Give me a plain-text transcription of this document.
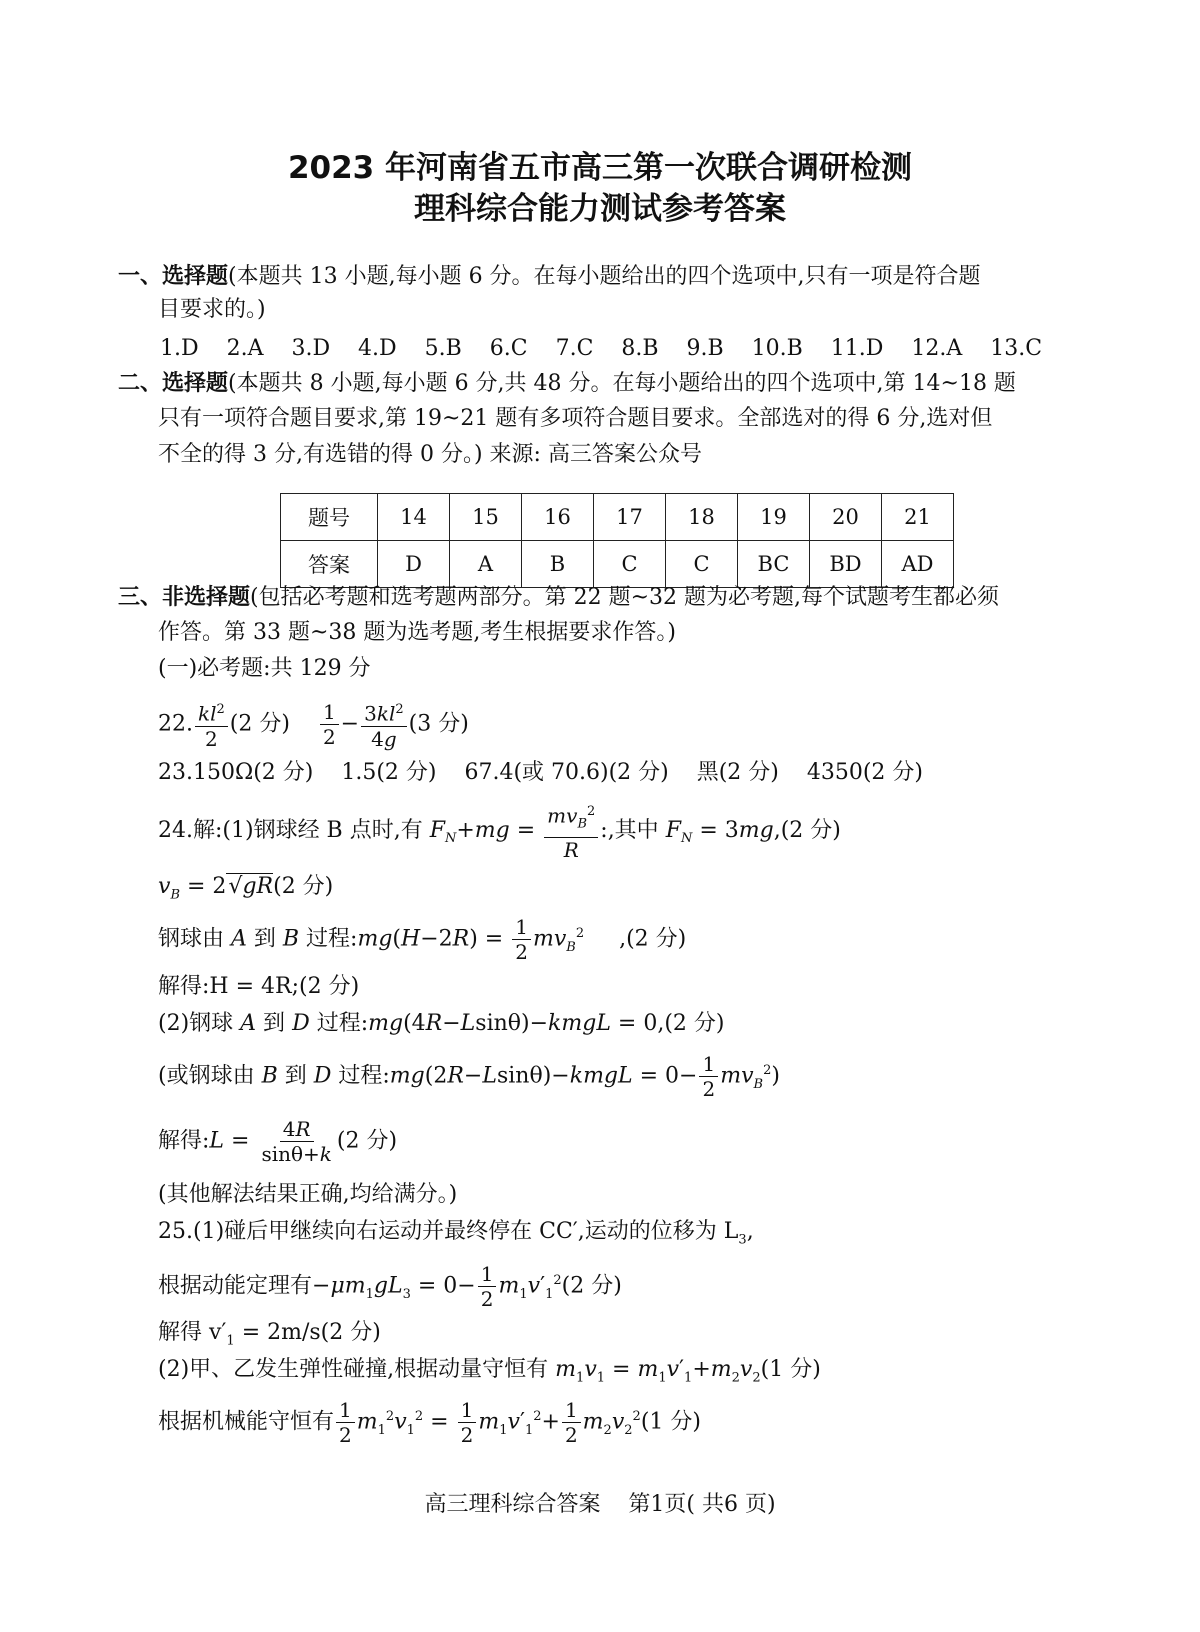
2023 年河南省五市高三第一次联合调研检测
理科综合能力测试参考答案
一、选择题(本题共 13 小题,每小题 6 分。在每小题给出的四个选项中,只有一项是符合题
目要求的。)
1.D    2.A    3.D    4.D    5.B    6.C    7.C    8.B    9.B    10.B    11.D    12.A    13.C
二、选择题(本题共 8 小题,每小题 6 分,共 48 分。在每小题给出的四个选项中,第 14~18 题
只有一项符合题目要求,第 19~21 题有多项符合题目要求。全部选对的得 6 分,选对但
不全的得 3 分,有选错的得 0 分。) 来源: 高三答案公众号
题号	14	15	16	17	18	19	20	21
答案	D	A	B	C	C	BC	BD	AD
三、非选择题(包括必考题和选考题两部分。第 22 题~32 题为必考题,每个试题考生都必须
作答。第 33 题~38 题为选考题,考生根据要求作答。)
(一)必考题:共 129 分
22. $\frac{kl^2}{2} (2$ 分) $\frac{1}{2} - \frac{3kl^2}{4g} (3$ 分)
23.150Ω(2 分)    1.5(2 分)    67.4(或 70.6)(2 分)    黑(2 分)    4350(2 分)
24.解:(1)钢球经 B 点时,有 $F_N+mg = \frac{mv_B^2}{R}$ :,其中 $F_N = 3mg,(2$ 分)
$v_B = 2√gR(2$ 分)
钢球由 A 到 B 过程:mg(H−2R) = $\frac{1}{2} mv_B^2$     ,(2 分)
解得:H = 4R;(2 分)
(2)钢球 A 到 D 过程:mg(4R−Lsinθ)−kmgL = 0,(2 分)
(或钢球由 B 到 D 过程:mg(2R−Lsinθ)−kmgL = $0- \frac{1}{2} mv_B^2$)
解得:L = $\frac{4R}{\sin\theta+k} (2$ 分)
(其他解法结果正确,均给满分。)
25.(1)碰后甲继续向右运动并最终停在 CC′,运动的位移为 $L_3$,
根据动能定理有$-\mu m_1gL_3 = 0- \frac{1}{2} m_1v'_1^2(2$ 分)
解得 $v'_1 = 2m/s(2$ 分)
(2)甲、乙发生弹性碰撞,根据动量守恒有 $m_1v_1 = m_1v'_1+m_2v_2(1$ 分)
根据机械能守恒有 $\frac{1}{2} m_1^2v_1^2 = \frac{1}{2} m_1v'_1^2+ \frac{1}{2} m_2v_2^2(1$ 分)
高三理科综合答案    第1页( 共6 页)
